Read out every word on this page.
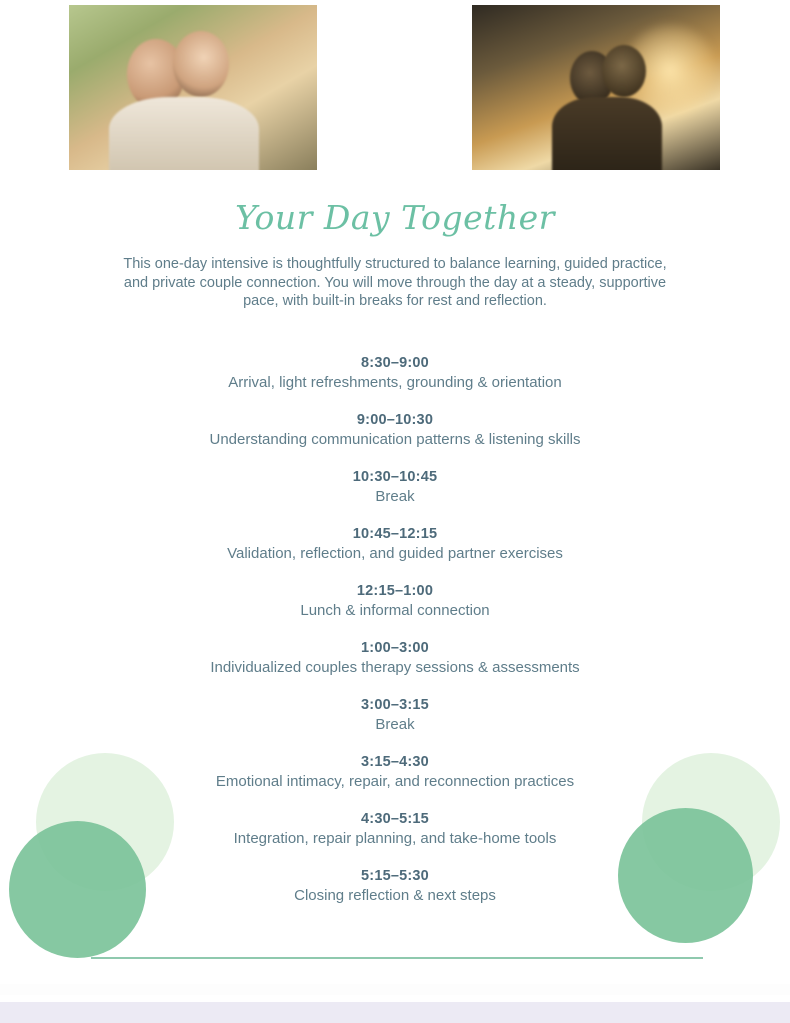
Your Day Together
This one-day intensive is thoughtfully structured to balance learning, guided practice, and private couple connection. You will move through the day at a steady, supportive pace, with built-in breaks for rest and reflection.
8:30–9:00
Arrival, light refreshments, grounding & orientation
9:00–10:30
Understanding communication patterns & listening skills
10:30–10:45
Break
10:45–12:15
Validation, reflection, and guided partner exercises
12:15–1:00
Lunch & informal connection
1:00–3:00
Individualized couples therapy sessions & assessments
3:00–3:15
Break
3:15–4:30
Emotional intimacy, repair, and reconnection practices
4:30–5:15
Integration, repair planning, and take-home tools
5:15–5:30
Closing reflection & next steps
